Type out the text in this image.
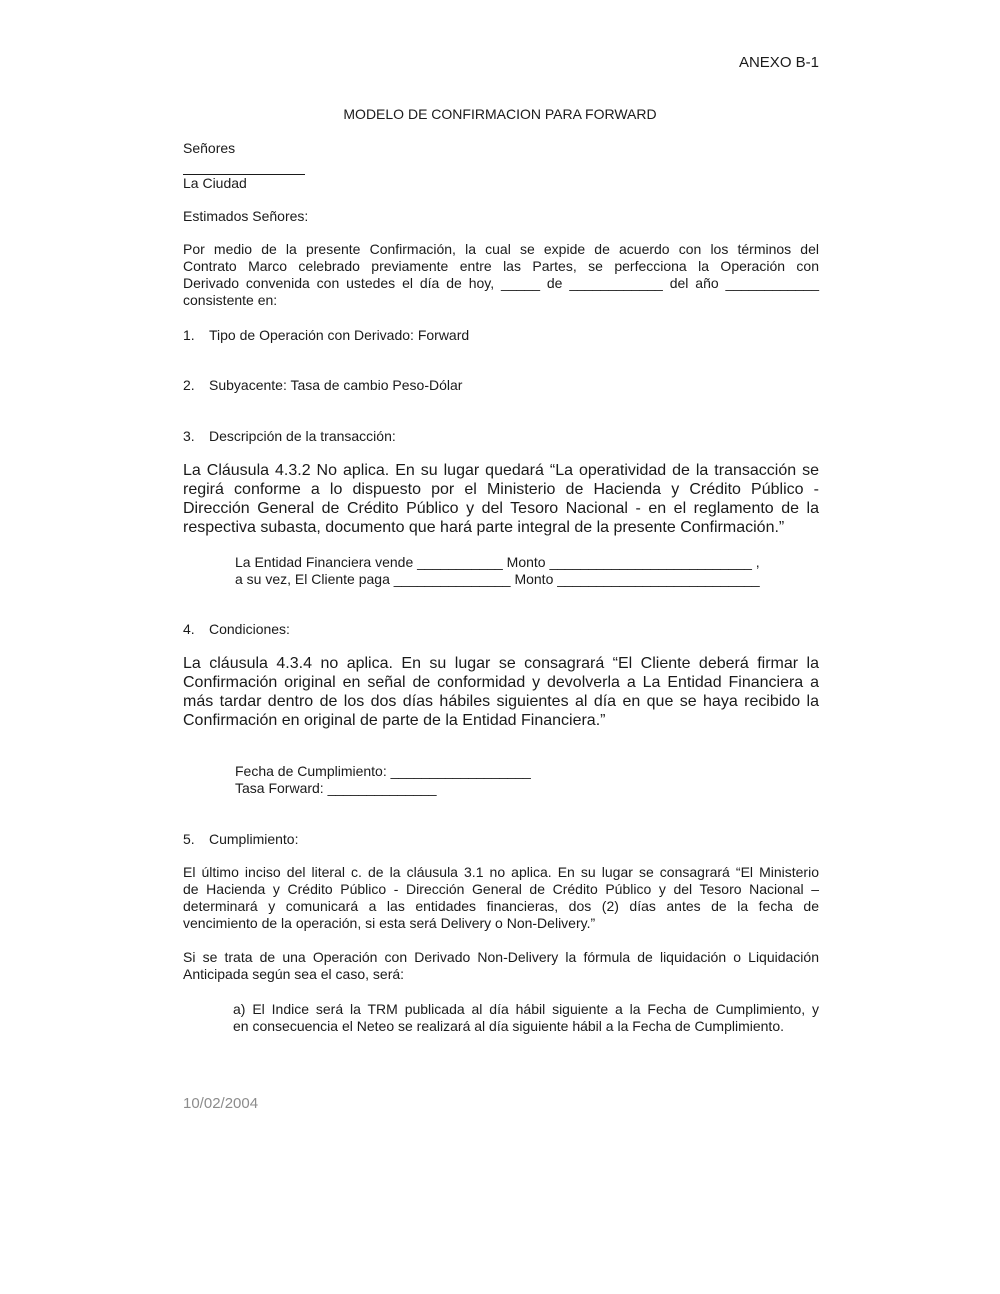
ANEXO B-1
MODELO DE CONFIRMACION PARA FORWARD
Señores
La Ciudad
Estimados Señores:
Por medio de la presente Confirmación, la cual se expide de acuerdo con los términos del
Contrato Marco celebrado previamente entre las Partes, se perfecciona la Operación con
Derivado convenida con ustedes el día de hoy, _____ de ____________ del año ____________
consistente en:
1. Tipo de Operación con Derivado: Forward
2. Subyacente: Tasa de cambio Peso-Dólar
3. Descripción de la transacción:
La Cláusula 4.3.2 No aplica. En su lugar quedará “La operatividad de la transacción se
regirá conforme a lo dispuesto por el Ministerio de Hacienda y Crédito Público -
Dirección General de Crédito Público y del Tesoro Nacional - en el reglamento de la
respectiva subasta, documento que hará parte integral de la presente Confirmación.”
La Entidad Financiera vende ___________ Monto __________________________ ,
a su vez, El Cliente paga _______________ Monto __________________________
4. Condiciones:
La cláusula 4.3.4 no aplica. En su lugar se consagrará “El Cliente deberá firmar la
Confirmación original en señal de conformidad y devolverla a La Entidad Financiera a
más tardar dentro de los dos días hábiles siguientes al día en que se haya recibido la
Confirmación en original de parte de la Entidad Financiera.”
Fecha de Cumplimiento: __________________
Tasa Forward: ______________
5. Cumplimiento:
El último inciso del literal c. de la cláusula 3.1 no aplica. En su lugar se consagrará “El Ministerio
de Hacienda y Crédito Público - Dirección General de Crédito Público y del Tesoro Nacional –
determinará y comunicará a las entidades financieras, dos (2) días antes de la fecha de
vencimiento de la operación, si esta será Delivery o Non-Delivery.”
Si se trata de una Operación con Derivado Non-Delivery la fórmula de liquidación o Liquidación
Anticipada según sea el caso, será:
a) El Indice será la TRM publicada al día hábil siguiente a la Fecha de Cumplimiento, y
en consecuencia el Neteo se realizará al día siguiente hábil a la Fecha de Cumplimiento.
10/02/2004
